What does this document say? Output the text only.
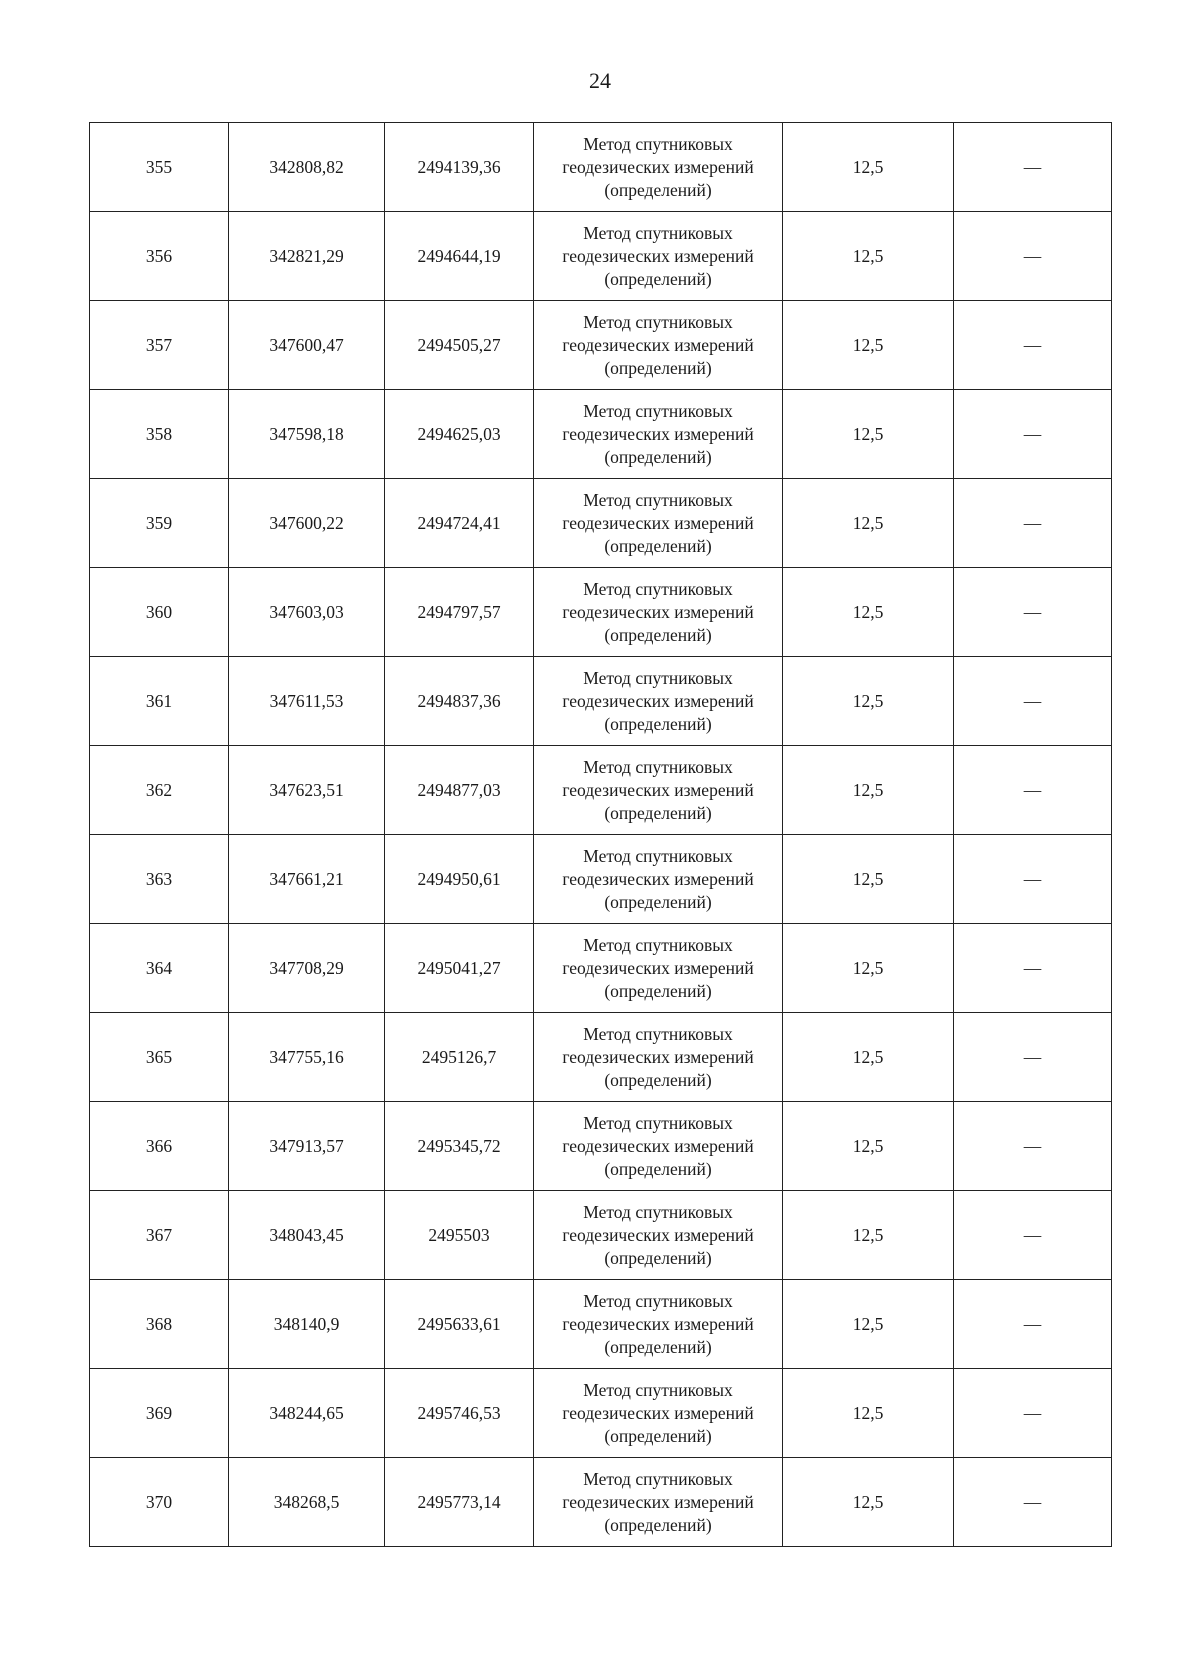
24
355	342808,82	2494139,36	Метод спутниковых
геодезических измерений
(определений)	12,5	—
356	342821,29	2494644,19	Метод спутниковых
геодезических измерений
(определений)	12,5	—
357	347600,47	2494505,27	Метод спутниковых
геодезических измерений
(определений)	12,5	—
358	347598,18	2494625,03	Метод спутниковых
геодезических измерений
(определений)	12,5	—
359	347600,22	2494724,41	Метод спутниковых
геодезических измерений
(определений)	12,5	—
360	347603,03	2494797,57	Метод спутниковых
геодезических измерений
(определений)	12,5	—
361	347611,53	2494837,36	Метод спутниковых
геодезических измерений
(определений)	12,5	—
362	347623,51	2494877,03	Метод спутниковых
геодезических измерений
(определений)	12,5	—
363	347661,21	2494950,61	Метод спутниковых
геодезических измерений
(определений)	12,5	—
364	347708,29	2495041,27	Метод спутниковых
геодезических измерений
(определений)	12,5	—
365	347755,16	2495126,7	Метод спутниковых
геодезических измерений
(определений)	12,5	—
366	347913,57	2495345,72	Метод спутниковых
геодезических измерений
(определений)	12,5	—
367	348043,45	2495503	Метод спутниковых
геодезических измерений
(определений)	12,5	—
368	348140,9	2495633,61	Метод спутниковых
геодезических измерений
(определений)	12,5	—
369	348244,65	2495746,53	Метод спутниковых
геодезических измерений
(определений)	12,5	—
370	348268,5	2495773,14	Метод спутниковых
геодезических измерений
(определений)	12,5	—
